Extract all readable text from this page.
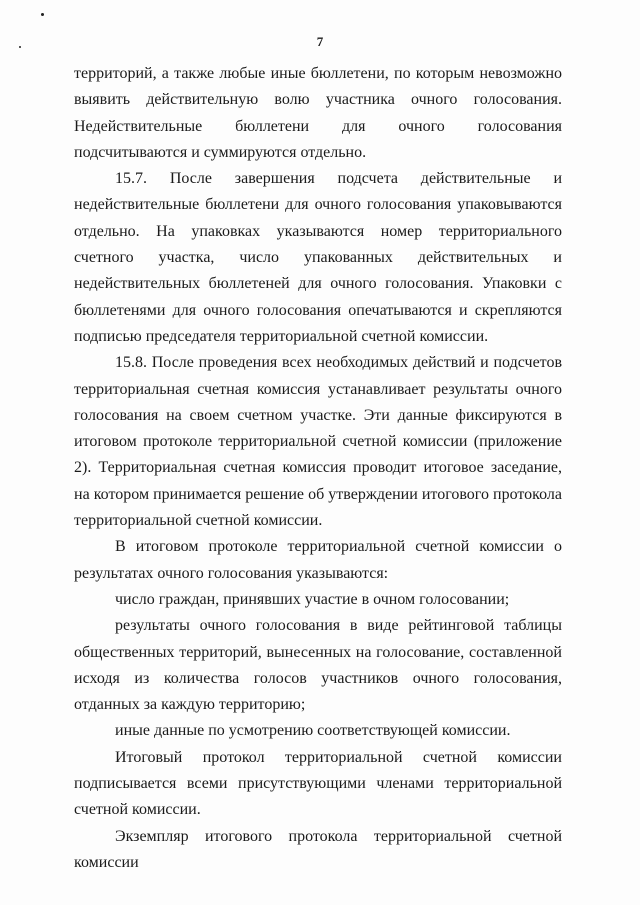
7

территорий, а также любые иные бюллетени, по которым невозможно выявить действительную волю участника очного голосования. Недействительные бюллетени для очного голосования подсчитываются и суммируются отдельно.

15.7. После завершения подсчета действительные и недействительные бюллетени для очного голосования упаковываются отдельно. На упаковках указываются номер территориального счетного участка, число упакованных действительных и недействительных бюллетеней для очного голосования. Упаковки с бюллетенями для очного голосования опечатываются и скрепляются подписью председателя территориальной счетной комиссии.

15.8. После проведения всех необходимых действий и подсчетов территориальная счетная комиссия устанавливает результаты очного голосования на своем счетном участке. Эти данные фиксируются в итоговом протоколе территориальной счетной комиссии (приложение 2). Территориальная счетная комиссия проводит итоговое заседание, на котором принимается решение об утверждении итогового протокола территориальной счетной комиссии.

В итоговом протоколе территориальной счетной комиссии о результатах очного голосования указываются:

число граждан, принявших участие в очном голосовании;

результаты очного голосования в виде рейтинговой таблицы общественных территорий, вынесенных на голосование, составленной исходя из количества голосов участников очного голосования, отданных за каждую территорию;

иные данные по усмотрению соответствующей комиссии.

Итоговый протокол территориальной счетной комиссии подписывается всеми присутствующими членами территориальной счетной комиссии.

Экземпляр итогового протокола территориальной счетной комиссии
